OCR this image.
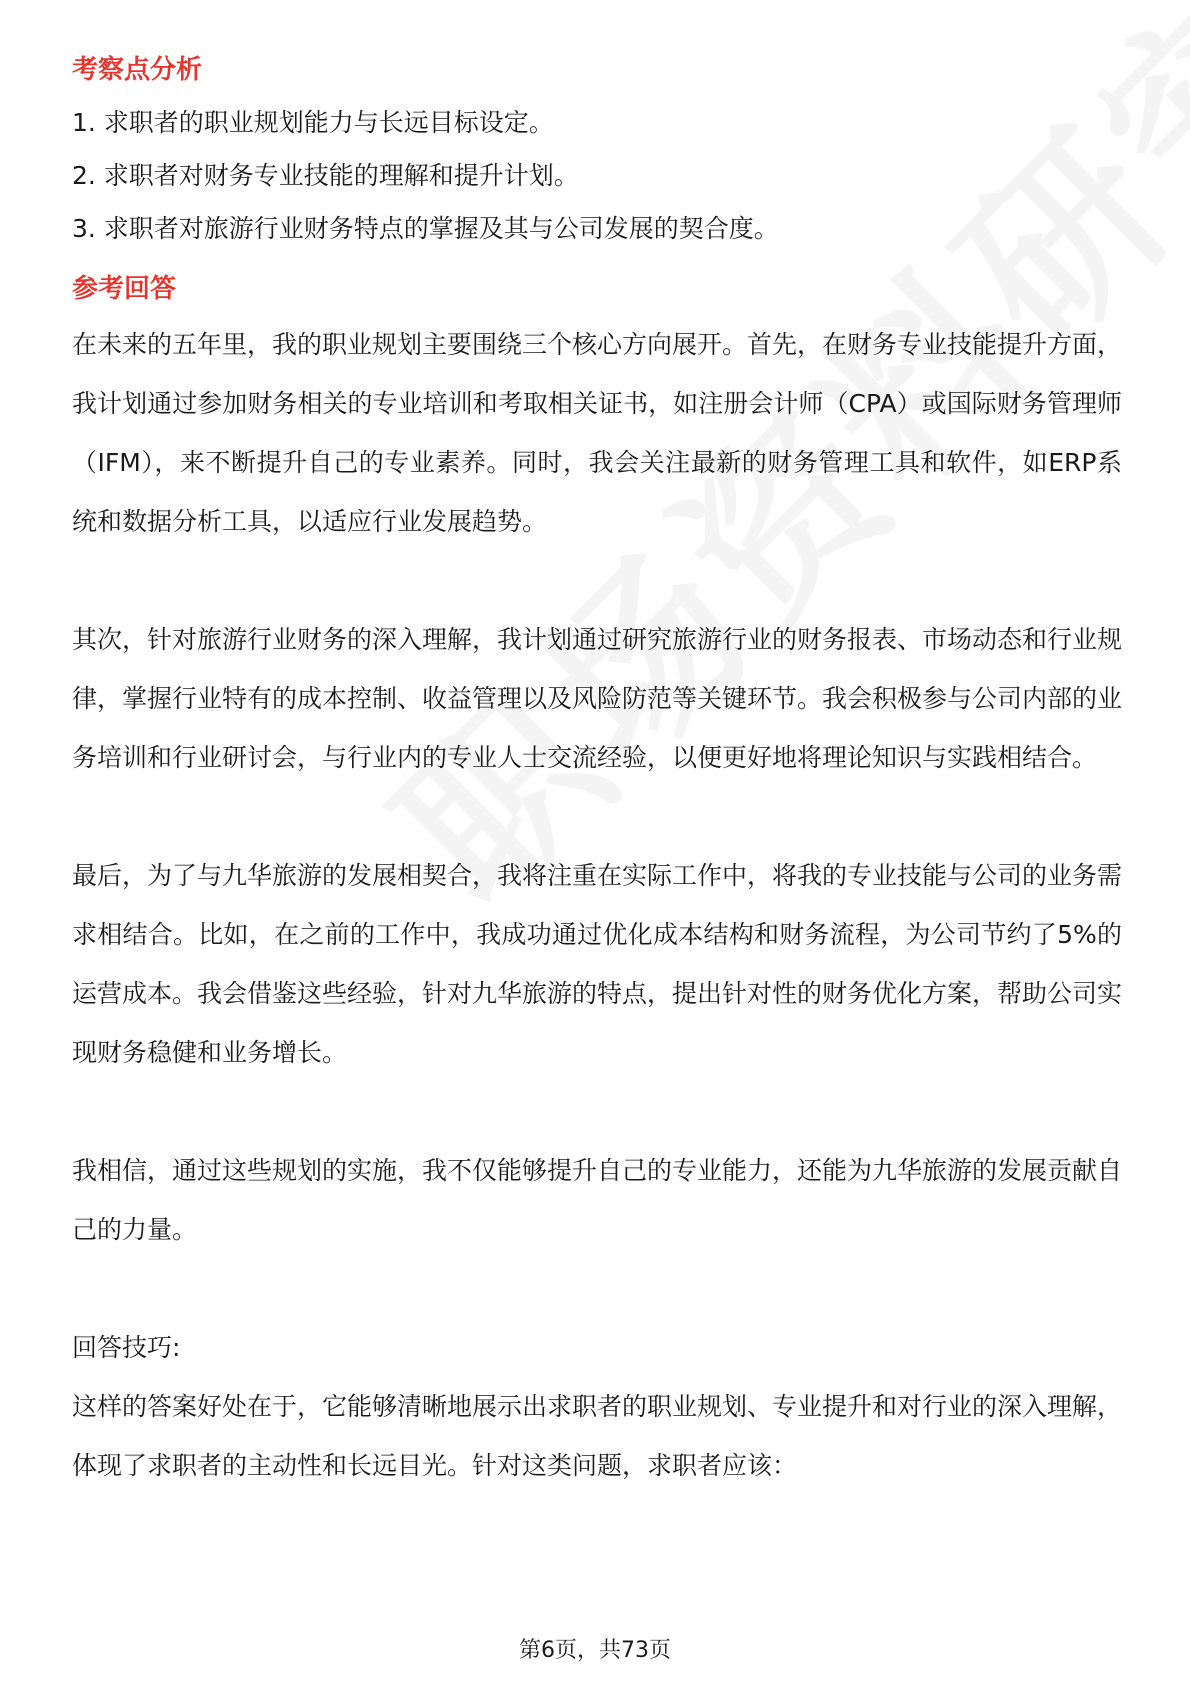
考察点分析

1. 求职者的职业规划能力与长远目标设定。

2. 求职者对财务专业技能的理解和提升计划。

3. 求职者对旅游行业财务特点的掌握及其与公司发展的契合度。

参考回答

在未来的五年里，我的职业规划主要围绕三个核心方向展开。首先，在财务专业技能提升方面，我计划通过参加财务相关的专业培训和考取相关证书，如注册会计师（CPA）或国际财务管理师（IFM），来不断提升自己的专业素养。同时，我会关注最新的财务管理工具和软件，如ERP系统和数据分析工具，以适应行业发展趋势。

其次，针对旅游行业财务的深入理解，我计划通过研究旅游行业的财务报表、市场动态和行业规律，掌握行业特有的成本控制、收益管理以及风险防范等关键环节。我会积极参与公司内部的业务培训和行业研讨会，与行业内的专业人士交流经验，以便更好地将理论知识与实践相结合。

最后，为了与九华旅游的发展相契合，我将注重在实际工作中，将我的专业技能与公司的业务需求相结合。比如，在之前的工作中，我成功通过优化成本结构和财务流程，为公司节约了5%的运营成本。我会借鉴这些经验，针对九华旅游的特点，提出针对性的财务优化方案，帮助公司实现财务稳健和业务增长。

我相信，通过这些规划的实施，我不仅能够提升自己的专业能力，还能为九华旅游的发展贡献自己的力量。

回答技巧:

这样的答案好处在于，它能够清晰地展示出求职者的职业规划、专业提升和对行业的深入理解，体现了求职者的主动性和长远目光。针对这类问题，求职者应该：

第6页，共73页
